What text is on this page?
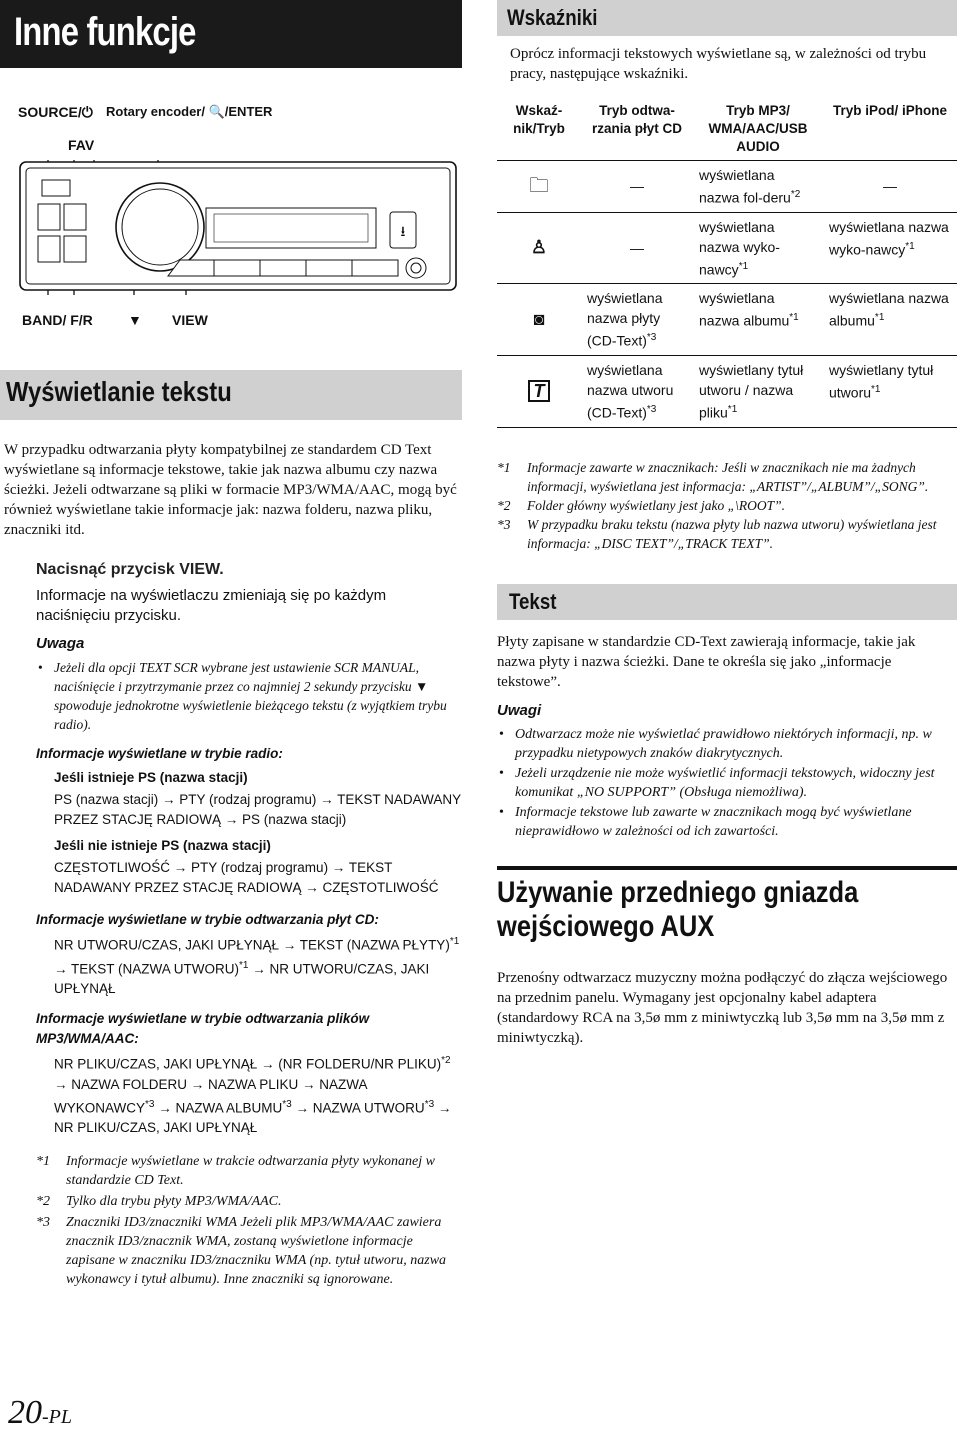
Inne funkcje
SOURCE/⏻
FAV
Rotary encoder/ 🔍/ENTER
⭳
BAND/ F/R	▼ VIEW
Wyświetlanie tekstu
W przypadku odtwarzania płyty kompatybilnej ze standardem CD Text wyświetlane są informacje tekstowe, takie jak nazwa albumu czy nazwa ścieżki. Jeżeli odtwarzane są pliki w formacie MP3/WMA/AAC, mogą być również wyświetlane takie informacje jak: nazwa folderu, nazwa pliku, znaczniki itd.

Nacisnąć przycisk VIEW.

Informacje na wyświetlaczu zmieniają się po każdym naciśnięciu przycisku.

Uwaga

• Jeżeli dla opcji TEXT SCR wybrane jest ustawienie SCR MANUAL, naciśnięcie i przytrzymanie przez co najmniej 2 sekundy przycisku ▼ spowoduje jednokrotne wyświetlenie bieżącego tekstu (z wyjątkiem trybu radio).

Informacje wyświetlane w trybie radio:

Jeśli istnieje PS (nazwa stacji)

PS (nazwa stacji) → PTY (rodzaj programu) → TEKST NADAWANY PRZEZ STACJĘ RADIOWĄ → PS (nazwa stacji)

Jeśli nie istnieje PS (nazwa stacji)

CZĘSTOTLIWOŚĆ → PTY (rodzaj programu) → TEKST NADAWANY PRZEZ STACJĘ RADIOWĄ → CZĘSTOTLIWOŚĆ

Informacje wyświetlane w trybie odtwarzania płyt CD:

NR UTWORU/CZAS, JAKI UPŁYNĄŁ → TEKST (NAZWA PŁYTY)$^{*1}$ → TEKST (NAZWA UTWORU)$^{*1}$ → NR UTWORU/CZAS, JAKI UPŁYNĄŁ

Informacje wyświetlane w trybie odtwarzania plików MP3/WMA/AAC:

NR PLIKU/CZAS, JAKI UPŁYNĄŁ → (NR FOLDERU/NR PLIKU)$^{*2}$ → NAZWA FOLDERU → NAZWA PLIKU → NAZWA $WYKONAWCY^{*3}$ → NAZWA $ALBUMU^{*3}$ → NAZWA $UTWORU^{*3}$ → NR PLIKU/CZAS, JAKI UPŁYNĄŁ

*1	Informacje wyświetlane w trakcie odtwarzania płyty wykonanej w standardzie CD Text.
*2	Tylko dla trybu płyty MP3/WMA/AAC.
*3	Znaczniki ID3/znaczniki WMA Jeżeli plik MP3/WMA/AAC zawiera znacznik ID3/znacznik WMA, zostaną wyświetlone informacje zapisane w znaczniku ID3/znaczniku WMA (np. tytuł utworu, nazwa wykonawcy i tytuł albumu). Inne znaczniki są ignorowane.
20-PL
Wskaźniki
Oprócz informacji tekstowych wyświetlane są, w zależności od trybu pracy, następujące wskaźniki.
Wskaź-nik/Tryb	Tryb odtwa-rzania płyt CD	Tryb MP3/ WMA/AAC/USB AUDIO	Tryb iPod/ iPhone
🗀	—	wyświetlana nazwa fol-deru$^{*2}$	—
♙	—	wyświetlana nazwa wyko-nawcy$^{*1}$	wyświetlana nazwa wyko-nawcy$^{*1}$
◙	wyświetlana nazwa płyty (CD-Text)$^{*3}$	wyświetlana nazwa albumu$^{*1}$	wyświetlana nazwa albumu$^{*1}$
T	wyświetlana nazwa utworu (CD-Text)$^{*3}$	wyświetlany tytuł utworu / nazwa pliku$^{*1}$	wyświetlany tytuł utworu$^{*1}$
*1	Informacje zawarte w znacznikach: Jeśli w znacznikach nie ma żadnych informacji, wyświetlana jest informacja: „ARTIST”/„ALBUM”/„SONG”.
*2	Folder główny wyświetlany jest jako „\ROOT”.
*3	W przypadku braku tekstu (nazwa płyty lub nazwa utworu) wyświetlana jest informacja: „DISC TEXT”/„TRACK TEXT”.
Tekst
Płyty zapisane w standardzie CD-Text zawierają informacje, takie jak nazwa płyty i nazwa ścieżki. Dane te określa się jako „informacje tekstowe”.

Uwagi

• Odtwarzacz może nie wyświetlać prawidłowo niektórych informacji, np. w przypadku nietypowych znaków diakrytycznych.
• Jeżeli urządzenie nie może wyświetlić informacji tekstowych, widoczny jest komunikat „NO SUPPORT” (Obsługa niemożliwa).
• Informacje tekstowe lub zawarte w znacznikach mogą być wyświetlane nieprawidłowo w zależności od ich zawartości.
Używanie przedniego gniazda wejściowego AUX
Przenośny odtwarzacz muzyczny można podłączyć do złącza wejściowego na przednim panelu. Wymagany jest opcjonalny kabel adaptera (standardowy RCA na 3,5ø mm z miniwtyczką lub 3,5ø mm na 3,5ø mm z miniwtyczką).
